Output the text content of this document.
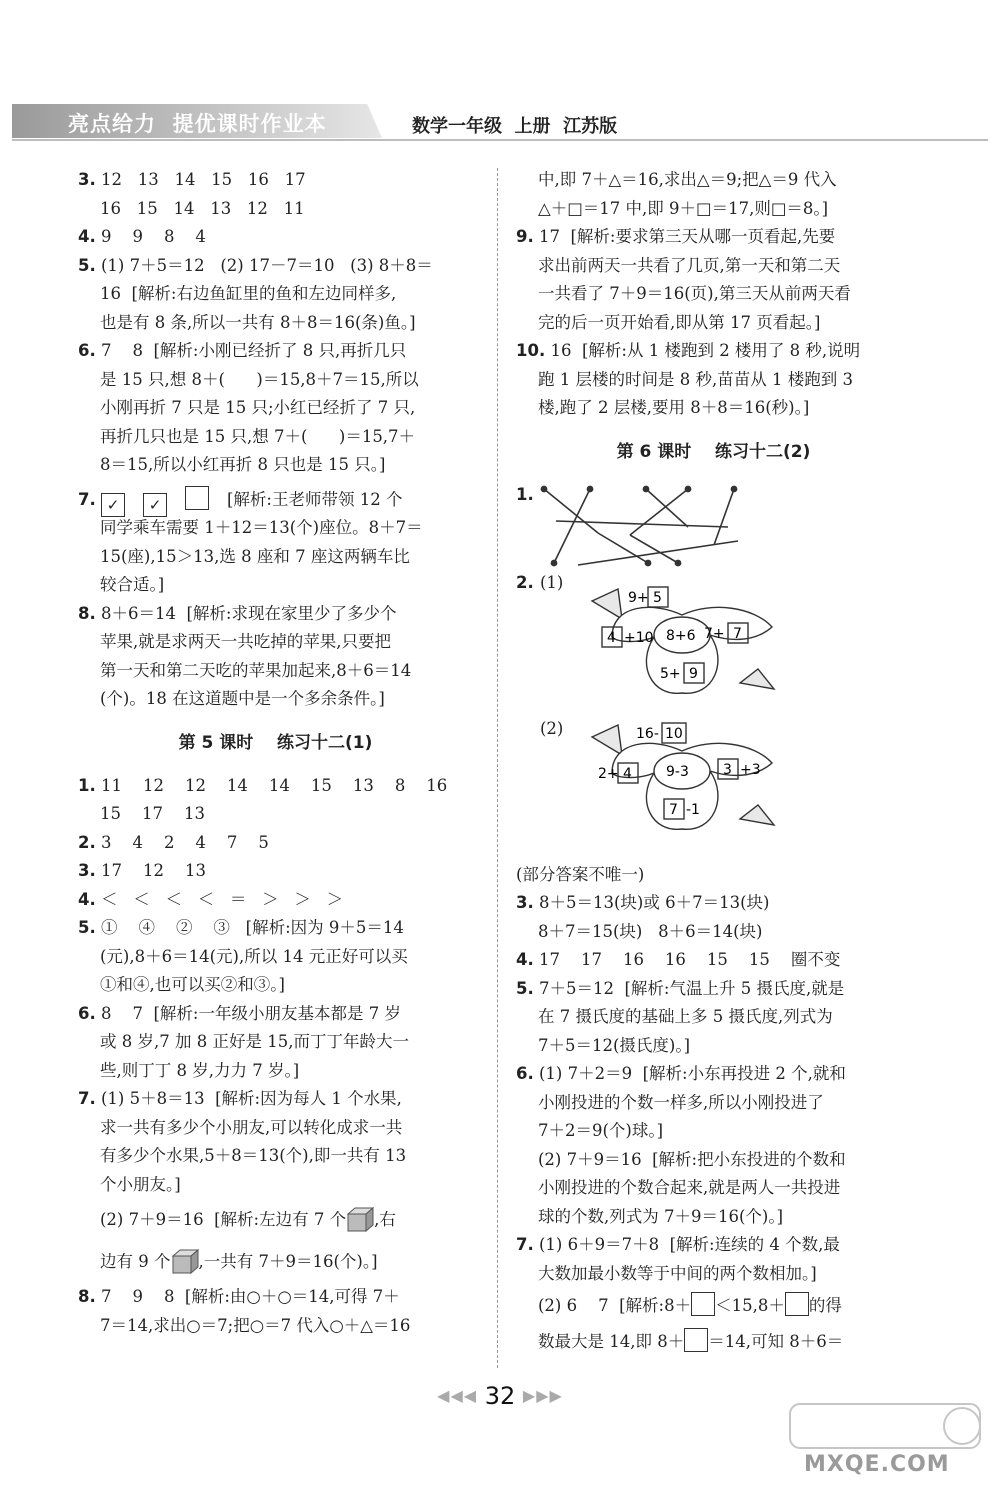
亮点给力  提优课时作业本	数学一年级  上册  江苏版
3. 12   13   14   15   16   17
16   15   14   13   12   11
4. 9    9    8    4
5. (1) 7＋5＝12   (2) 17－7＝10   (3) 8＋8＝
16  [解析:右边鱼缸里的鱼和左边同样多,
也是有 8 条,所以一共有 8＋8＝16(条)鱼。]
6. 7    8  [解析:小刚已经折了 8 只,再折几只
是 15 只,想 8＋(      )＝15,8＋7＝15,所以
小刚再折 7 只是 15 只;小红已经折了 7 只,
再折几只也是 15 只,想 7＋(      )＝15,7＋
8＝15,所以小红再折 8 只也是 15 只。]
7. ✓ ✓	[解析:王老师带领 12 个
同学乘车需要 1＋12＝13(个)座位。8＋7＝
15(座),15＞13,选 8 座和 7 座这两辆车比
较合适。]
8. 8＋6＝14  [解析:求现在家里少了多少个
苹果,就是求两天一共吃掉的苹果,只要把
第一天和第二天吃的苹果加起来,8＋6＝14
(个)。18 在这道题中是一个多余条件。]
第 5 课时    练习十二(1)
1. 11    12    12    14    14    15    13    8    16
15    17    13
2. 3    4    2    4    7    5
3. 17    12    13
4. ＜   ＜   ＜   ＜   ＝   ＞   ＞   ＞
5. ①    ④    ②    ③   [解析:因为 9＋5＝14
(元),8＋6＝14(元),所以 14 元正好可以买
①和④,也可以买②和③。]
6. 8    7  [解析:一年级小朋友基本都是 7 岁
或 8 岁,7 加 8 正好是 15,而丁丁年龄大一
些,则丁丁 8 岁,力力 7 岁。]
7. (1) 5＋8＝13  [解析:因为每人 1 个水果,
求一共有多少个小朋友,可以转化成求一共
有多少个水果,5＋8＝13(个),即一共有 13
个小朋友。]
(2) 7＋9＝16  [解析:左边有 7 个 ,右
边有 9 个 ,一共有 7＋9＝16(个)。]
8. 7    9    8  [解析:由○＋○＝14,可得 7＋
7＝14,求出○＝7;把○＝7 代入○＋△＝16
中,即 7＋△＝16,求出△＝9;把△＝9 代入
△＋□＝17 中,即 9＋□＝17,则□＝8。]
9. 17  [解析:要求第三天从哪一页看起,先要
求出前两天一共看了几页,第一天和第二天
一共看了 7＋9＝16(页),第三天从前两天看
完的后一页开始看,即从第 17 页看起。]
10. 16  [解析:从 1 楼跑到 2 楼用了 8 秒,说明
跑 1 层楼的时间是 8 秒,苗苗从 1 楼跑到 3
楼,跑了 2 层楼,要用 8＋8＝16(秒)。]
第 6 课时    练习十二(2)
1.
2. (1)
9+ 5
4 +10 8+6 7+ 7
5+ 9
(2)	16- 10
2+ 4 9-3 3 +3
7 -1
(部分答案不唯一)
3. 8＋5＝13(块)或 6＋7＝13(块)
8＋7＝15(块)   8＋6＝14(块)
4. 17    17    16    16    15    15    圈不变
5. 7＋5＝12  [解析:气温上升 5 摄氏度,就是
在 7 摄氏度的基础上多 5 摄氏度,列式为
7＋5＝12(摄氏度)。]
6. (1) 7＋2＝9  [解析:小东再投进 2 个,就和
小刚投进的个数一样多,所以小刚投进了
7＋2＝9(个)球。]
(2) 7＋9＝16  [解析:把小东投进的个数和
小刚投进的个数合起来,就是两人一共投进
球的个数,列式为 7＋9＝16(个)。]
7. (1) 6＋9＝7＋8  [解析:连续的 4 个数,最
大数加最小数等于中间的两个数相加。]
(2) 6    7  [解析:8＋ ＜15,8＋ 的得
数最大是 14,即 8＋ ＝14,可知 8＋6＝
◀◀◀ 32 ▶▶▶
MXQE.COM
